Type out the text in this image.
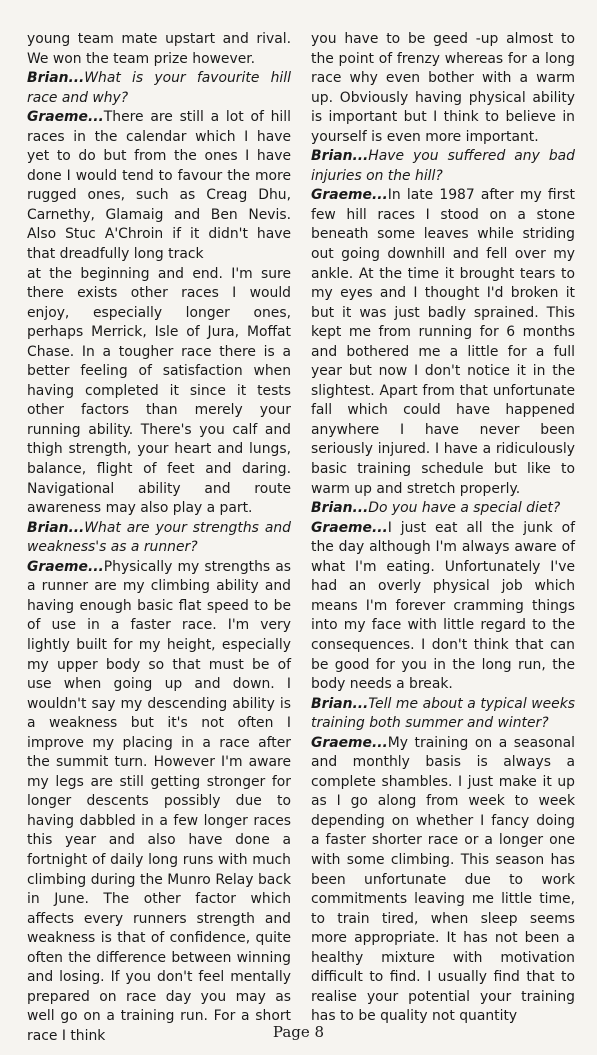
young team mate upstart and rival. We won the team prize however.

Brian...What is your favourite hill race and why?

Graeme...There are still a lot of hill races in the calendar which I have yet to do but from the ones I have done I would tend to favour the more rugged ones, such as Creag Dhu, Carnethy, Glamaig and Ben Nevis. Also Stuc A'Chroin if it didn't have that dreadfully long track

at the beginning and end. I'm sure there exists other races I would enjoy, especially longer ones, perhaps Merrick, Isle of Jura, Moffat Chase. In a tougher race there is a better feeling of satisfaction when having completed it since it tests other factors than merely your running ability. There's you calf and thigh strength, your heart and lungs, balance, flight of feet and daring. Navigational ability and route awareness may also play a part.

Brian...What are your strengths and weakness's as a runner?

Graeme...Physically my strengths as a runner are my climbing ability and having enough basic flat speed to be of use in a faster race. I'm very lightly built for my height, especially my upper body so that must be of use when going up and down. I wouldn't say my descending ability is a weakness but it's not often I improve my placing in a race after the summit turn. However I'm aware my legs are still getting stronger for longer descents possibly due to having dabbled in a few longer races this year and also have done a fortnight of daily long runs with much climbing during the Munro Relay back in June. The other factor which affects every runners strength and weakness is that of confidence, quite often the difference between winning and losing. If you don't feel mentally prepared on race day you may as well go on a training run. For a short race I think

you have to be geed -up almost to the point of frenzy whereas for a long race why even bother with a warm up. Obviously having physical ability is important but I think to believe in yourself is even more important.

Brian...Have you suffered any bad injuries on the hill?

Graeme...In late 1987 after my first few hill races I stood on a stone beneath some leaves while striding out going downhill and fell over my ankle. At the time it brought tears to my eyes and I thought I'd broken it but it was just badly sprained. This kept me from running for 6 months and bothered me a little for a full year but now I don't notice it in the slightest. Apart from that unfortunate fall which could have happened anywhere I have never been seriously injured. I have a ridiculously basic training schedule but like to warm up and stretch properly.

Brian...Do you have a special diet?

Graeme...I just eat all the junk of the day although I'm always aware of what I'm eating. Unfortunately I've had an overly physical job which means I'm forever cramming things into my face with little regard to the consequences. I don't think that can be good for you in the long run, the body needs a break.

Brian...Tell me about a typical weeks training both summer and winter?

Graeme...My training on a seasonal and monthly basis is always a complete shambles. I just make it up as I go along from week to week depending on whether I fancy doing a faster shorter race or a longer one with some climbing. This season has been unfortunate due to work commitments leaving me little time, to train tired, when sleep seems more appropriate. It has not been a healthy mixture with motivation difficult to find. I usually find that to realise your potential your training has to be quality not quantity

Page 8
